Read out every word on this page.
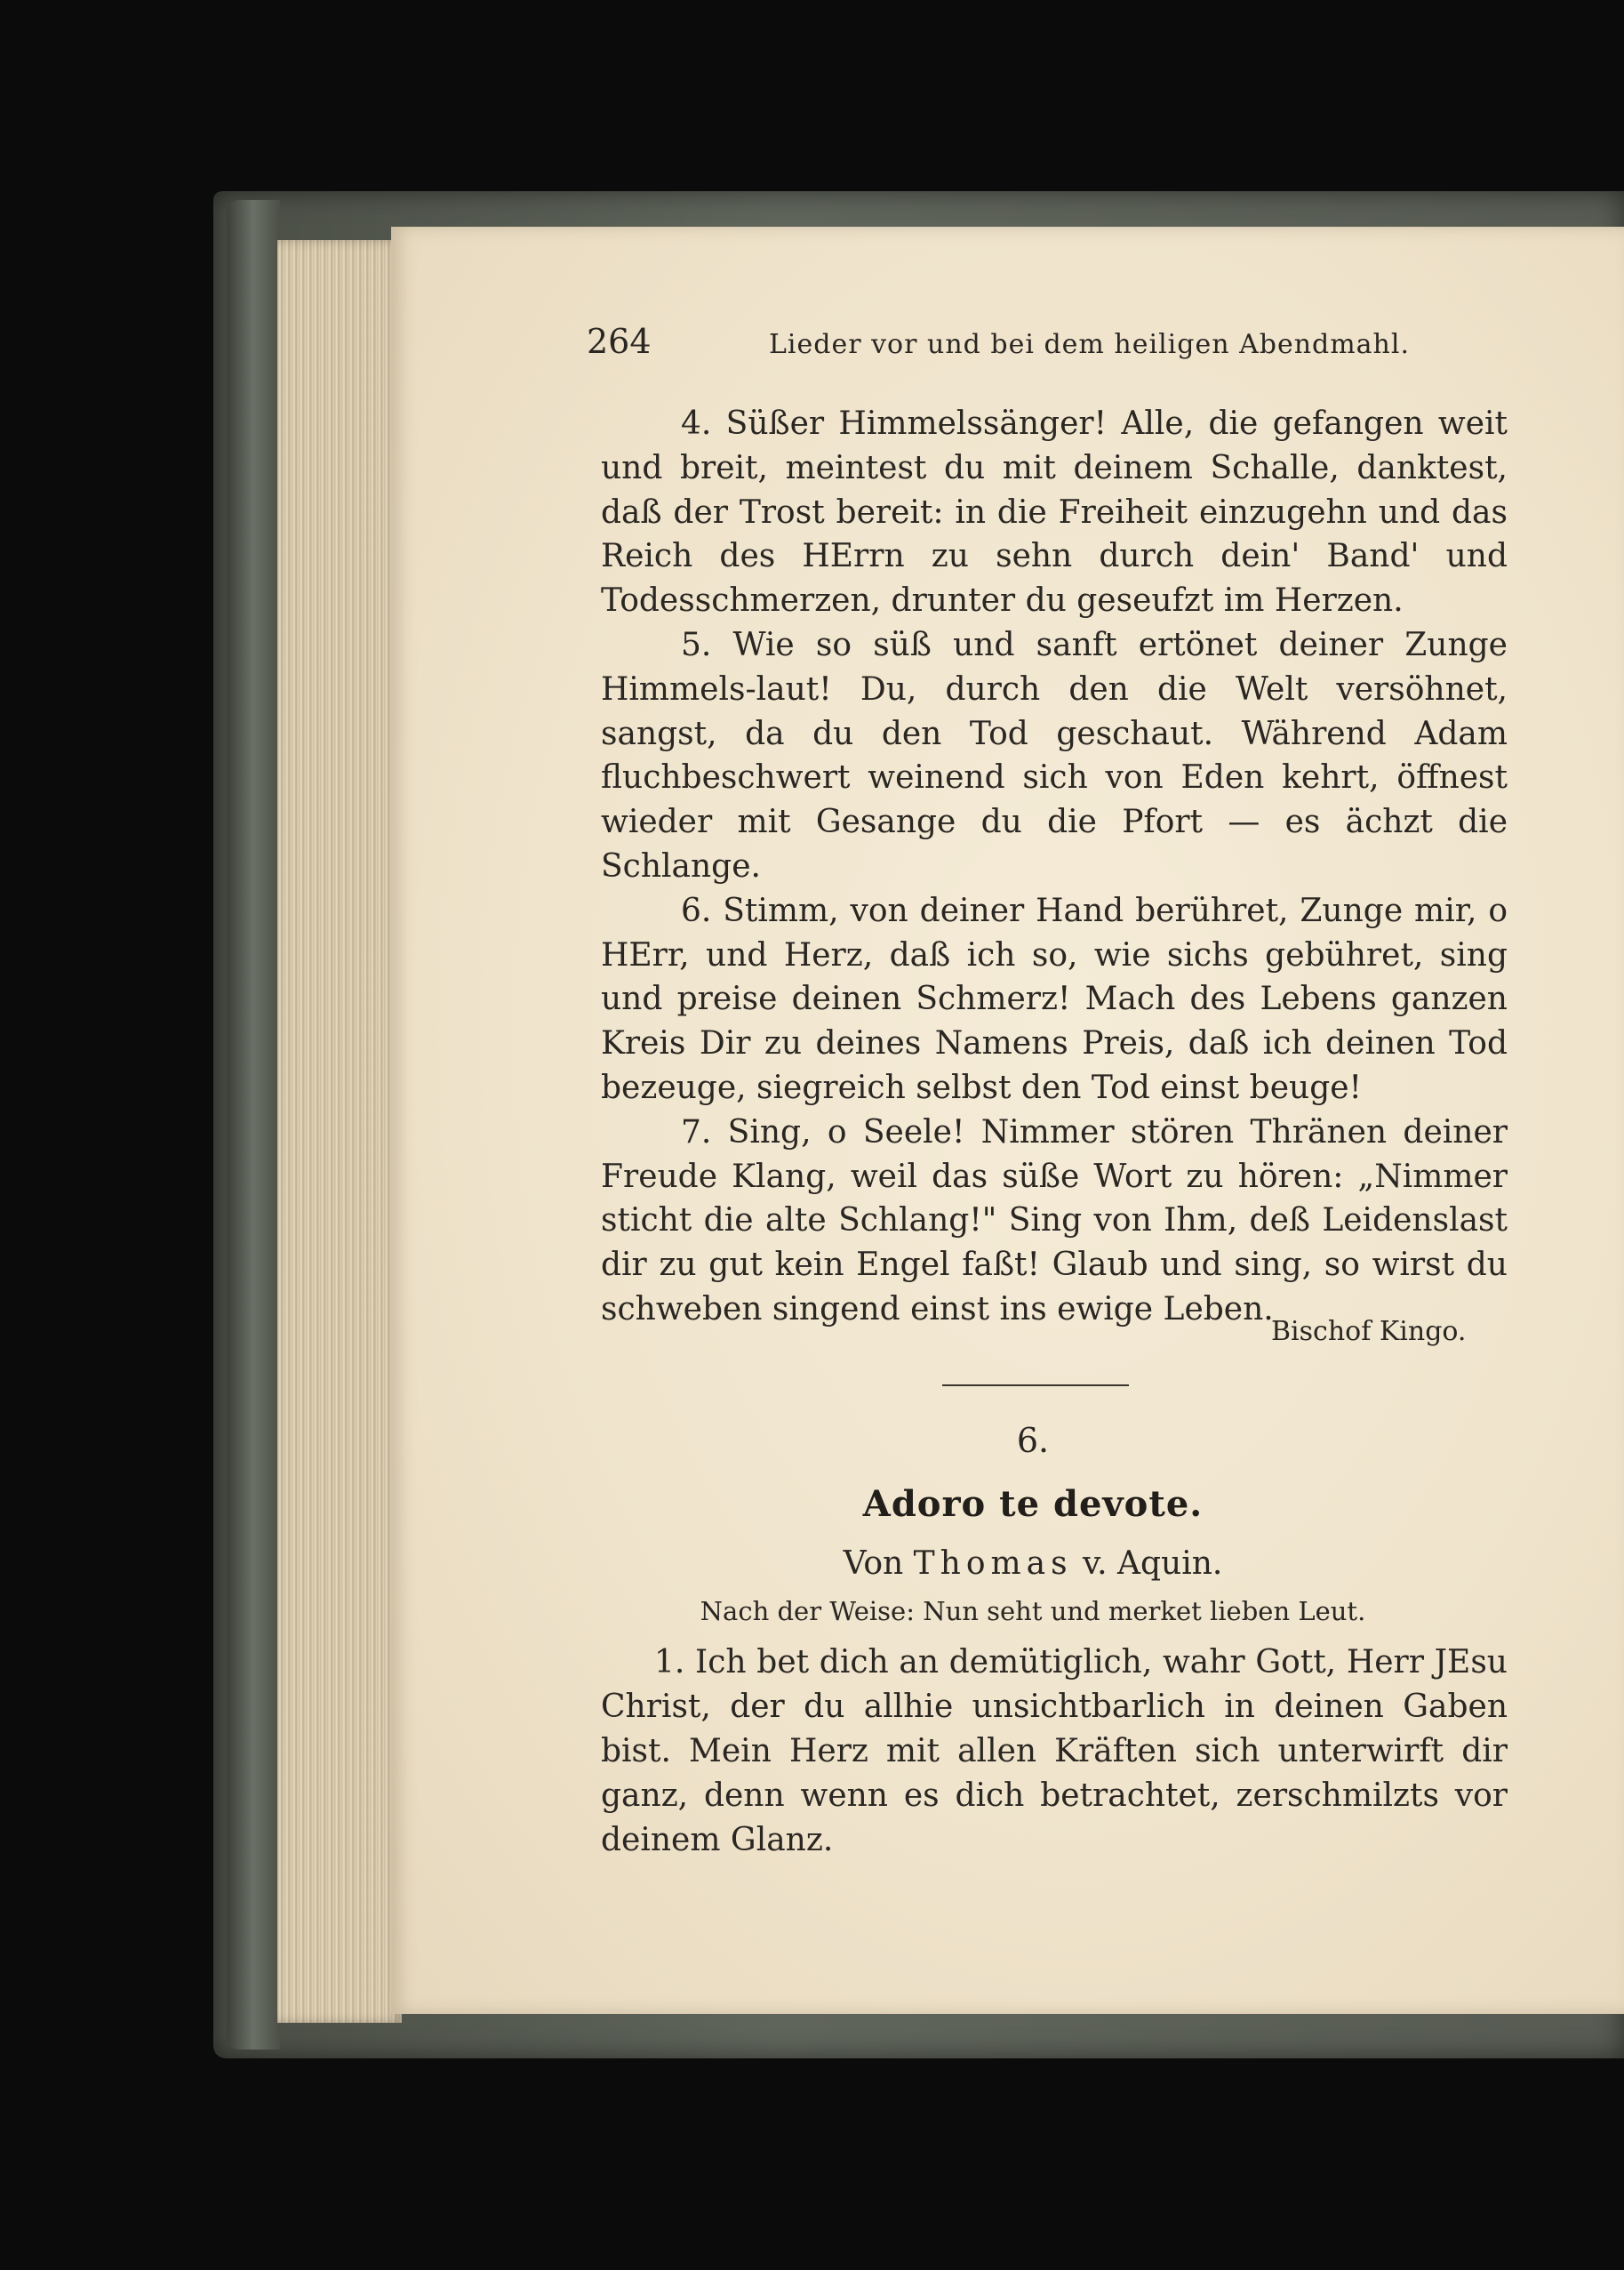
264	Lieder vor und bei dem heiligen Abendmahl.

4. Süßer Himmelssänger! Alle, die gefangen weit und breit, meintest du mit deinem Schalle, danktest, daß der Trost bereit: in die Freiheit einzugehn und das Reich des HErrn zu sehn durch dein' Band' und Todesschmerzen, drunter du geseufzt im Herzen.

5. Wie so süß und sanft ertönet deiner Zunge Himmels-laut! Du, durch den die Welt versöhnet, sangst, da du den Tod geschaut. Während Adam fluchbeschwert weinend sich von Eden kehrt, öffnest wieder mit Gesange du die Pfort — es ächzt die Schlange.

6. Stimm, von deiner Hand berühret, Zunge mir, o HErr, und Herz, daß ich so, wie sichs gebühret, sing und preise deinen Schmerz! Mach des Lebens ganzen Kreis Dir zu deines Namens Preis, daß ich deinen Tod bezeuge, siegreich selbst den Tod einst beuge!

7. Sing, o Seele! Nimmer stören Thränen deiner Freude Klang, weil das süße Wort zu hören: „Nimmer sticht die alte Schlang!" Sing von Ihm, deß Leidenslast dir zu gut kein Engel faßt! Glaub und sing, so wirst du schweben singend einst ins ewige Leben.

Bischof Kingo.
6.
Adoro te devote.
Von Thomas v. Aquin.
Nach der Weise: Nun seht und merket lieben Leut.

1. Ich bet dich an demütiglich, wahr Gott, Herr JEsu Christ, der du allhie unsichtbarlich in deinen Gaben bist. Mein Herz mit allen Kräften sich unterwirft dir ganz, denn wenn es dich betrachtet, zerschmilzts vor deinem Glanz.
